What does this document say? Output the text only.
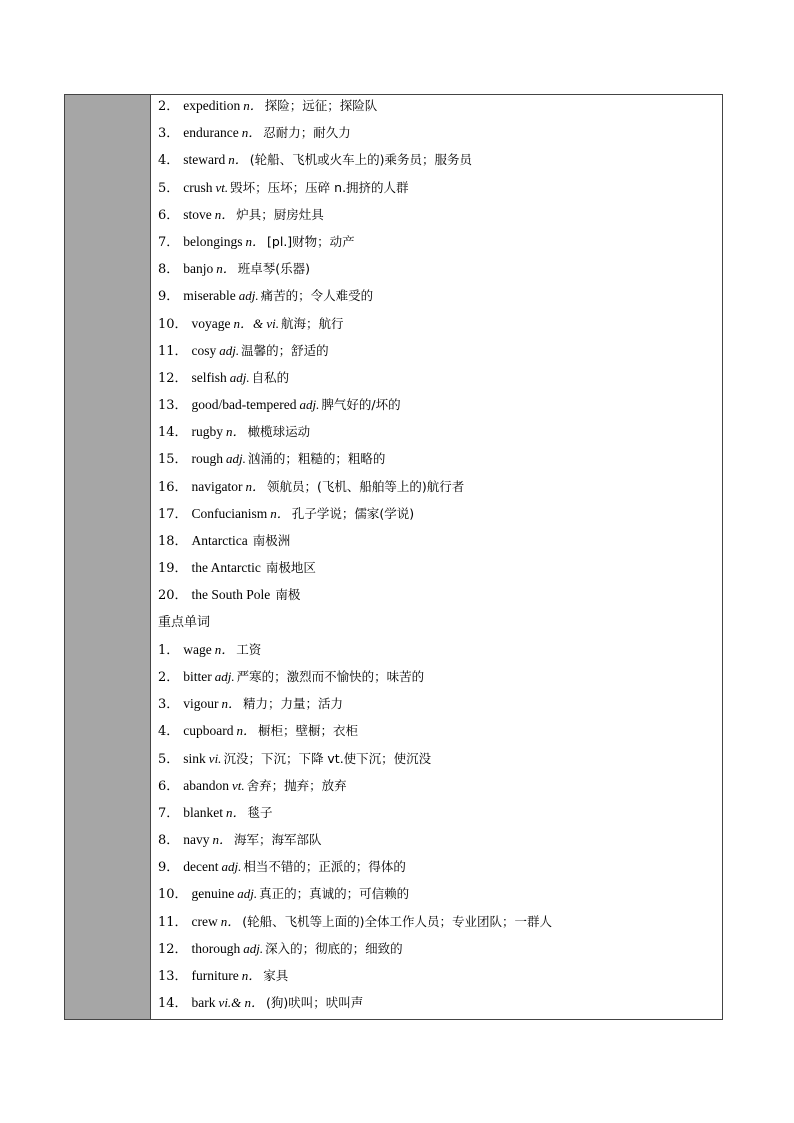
2． expedition n． 探险；远征；探险队
3． endurance n． 忍耐力；耐久力
4． steward n． (轮船、飞机或火车上的)乘务员；服务员
5． crush vt. 毁坏；压坏；压碎 n.拥挤的人群
6． stove n． 炉具；厨房灶具
7． belongings n． [pl.]财物；动产
8． banjo n． 班卓琴(乐器)
9． miserable adj. 痛苦的；令人难受的
10． voyage n．& vi. 航海；航行
11． cosy adj. 温馨的；舒适的
12． selfish adj. 自私的
13． good/bad-tempered adj. 脾气好的/坏的
14． rugby n． 橄榄球运动
15． rough adj. 汹涌的；粗糙的；粗略的
16． navigator n． 领航员；(飞机、船舶等上的)航行者
17． Confucianism n． 孔子学说；儒家(学说)
18． Antarctica 南极洲
19． the Antarctic 南极地区
20． the South Pole 南极
重点单词
1． wage n． 工资
2． bitter adj. 严寒的；激烈而不愉快的；味苦的
3． vigour n． 精力；力量；活力
4． cupboard n． 橱柜；壁橱；衣柜
5． sink vi. 沉没；下沉；下降 vt.使下沉；使沉没
6． abandon vt. 舍弃；抛弃；放弃
7． blanket n． 毯子
8． navy n． 海军；海军部队
9． decent adj. 相当不错的；正派的；得体的
10． genuine adj. 真正的；真诚的；可信赖的
11． crew n． (轮船、飞机等上面的)全体工作人员；专业团队；一群人
12． thorough adj. 深入的；彻底的；细致的
13． furniture n． 家具
14． bark vi.& n． (狗)吠叫；吠叫声
